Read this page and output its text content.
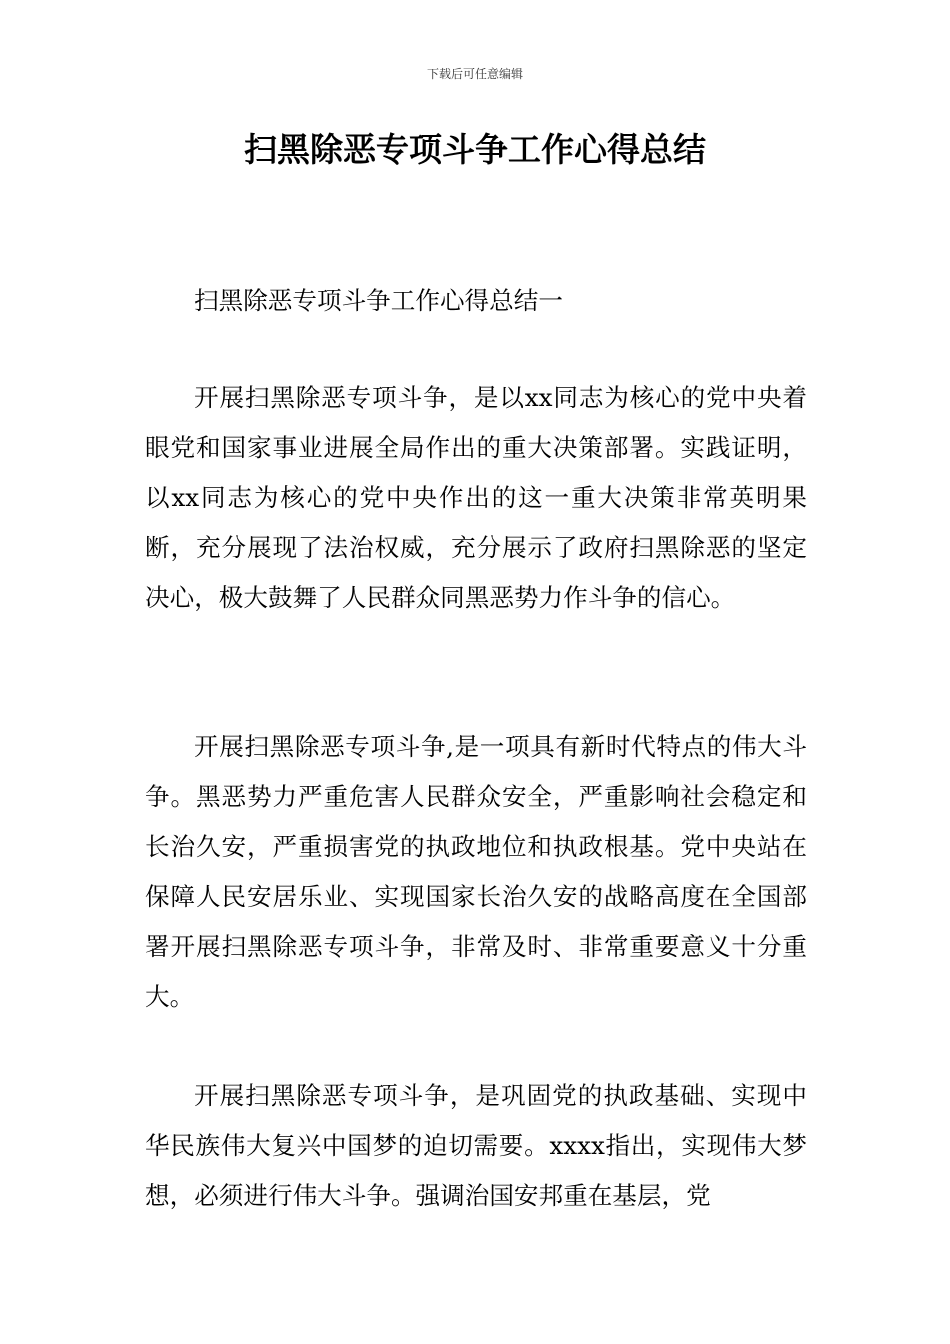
下载后可任意编辑
扫黑除恶专项斗争工作心得总结

扫黑除恶专项斗争工作心得总结一

开展扫黑除恶专项斗争，是以xx同志为核心的党中央着眼党和国家事业进展全局作出的重大决策部署。实践证明，以xx同志为核心的党中央作出的这一重大决策非常英明果断，充分展现了法治权威，充分展示了政府扫黑除恶的坚定决心，极大鼓舞了人民群众同黑恶势力作斗争的信心。

开展扫黑除恶专项斗争,是一项具有新时代特点的伟大斗争。黑恶势力严重危害人民群众安全，严重影响社会稳定和长治久安，严重损害党的执政地位和执政根基。党中央站在保障人民安居乐业、实现国家长治久安的战略高度在全国部署开展扫黑除恶专项斗争，非常及时、非常重要意义十分重大。

开展扫黑除恶专项斗争，是巩固党的执政基础、实现中华民族伟大复兴中国梦的迫切需要。xxxx指出，实现伟大梦想，必须进行伟大斗争。强调治国安邦重在基层，党
